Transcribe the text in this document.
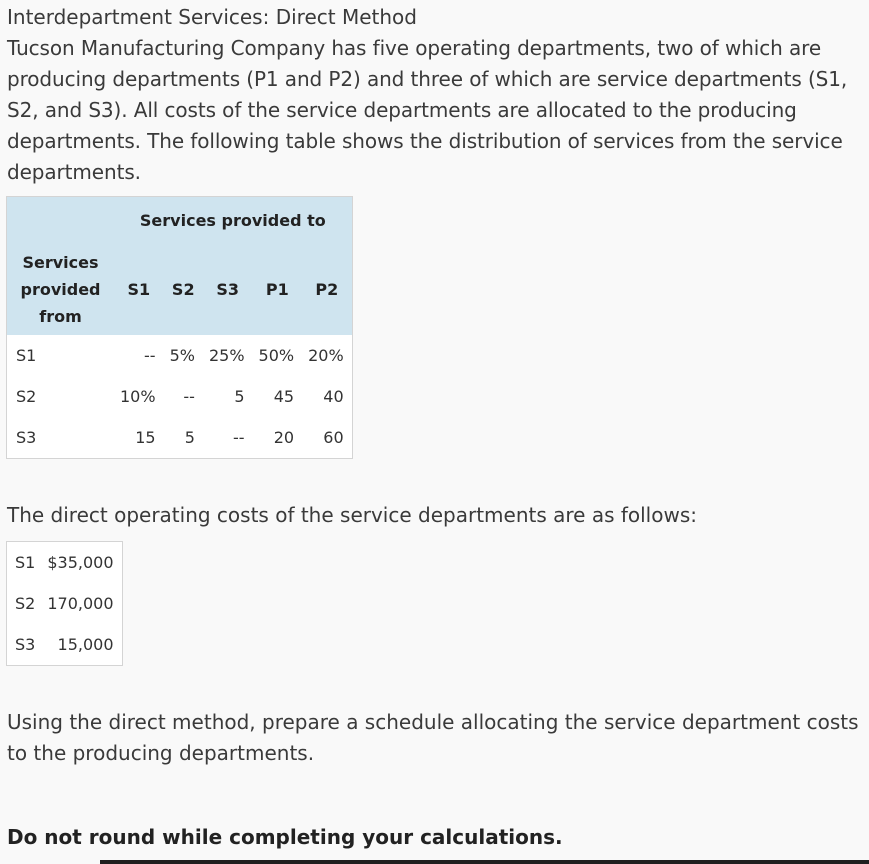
Interdepartment Services: Direct Method

Tucson Manufacturing Company has five operating departments, two of which are producing departments (P1 and P2) and three of which are service departments (S1, S2, and S3). All costs of the service departments are allocated to the producing departments. The following table shows the distribution of services from the service departments.

	Services provided to				
Services provided from	S1	S2	S3	P1	P2
S1	--	5%	25%	50%	20%
S2	10%	--	5	45	40
S3	15	5	--	20	60

The direct operating costs of the service departments are as follows:

S1	$35,000
S2	170,000
S3	15,000

Using the direct method, prepare a schedule allocating the service department costs to the producing departments.

Do not round while completing your calculations.
